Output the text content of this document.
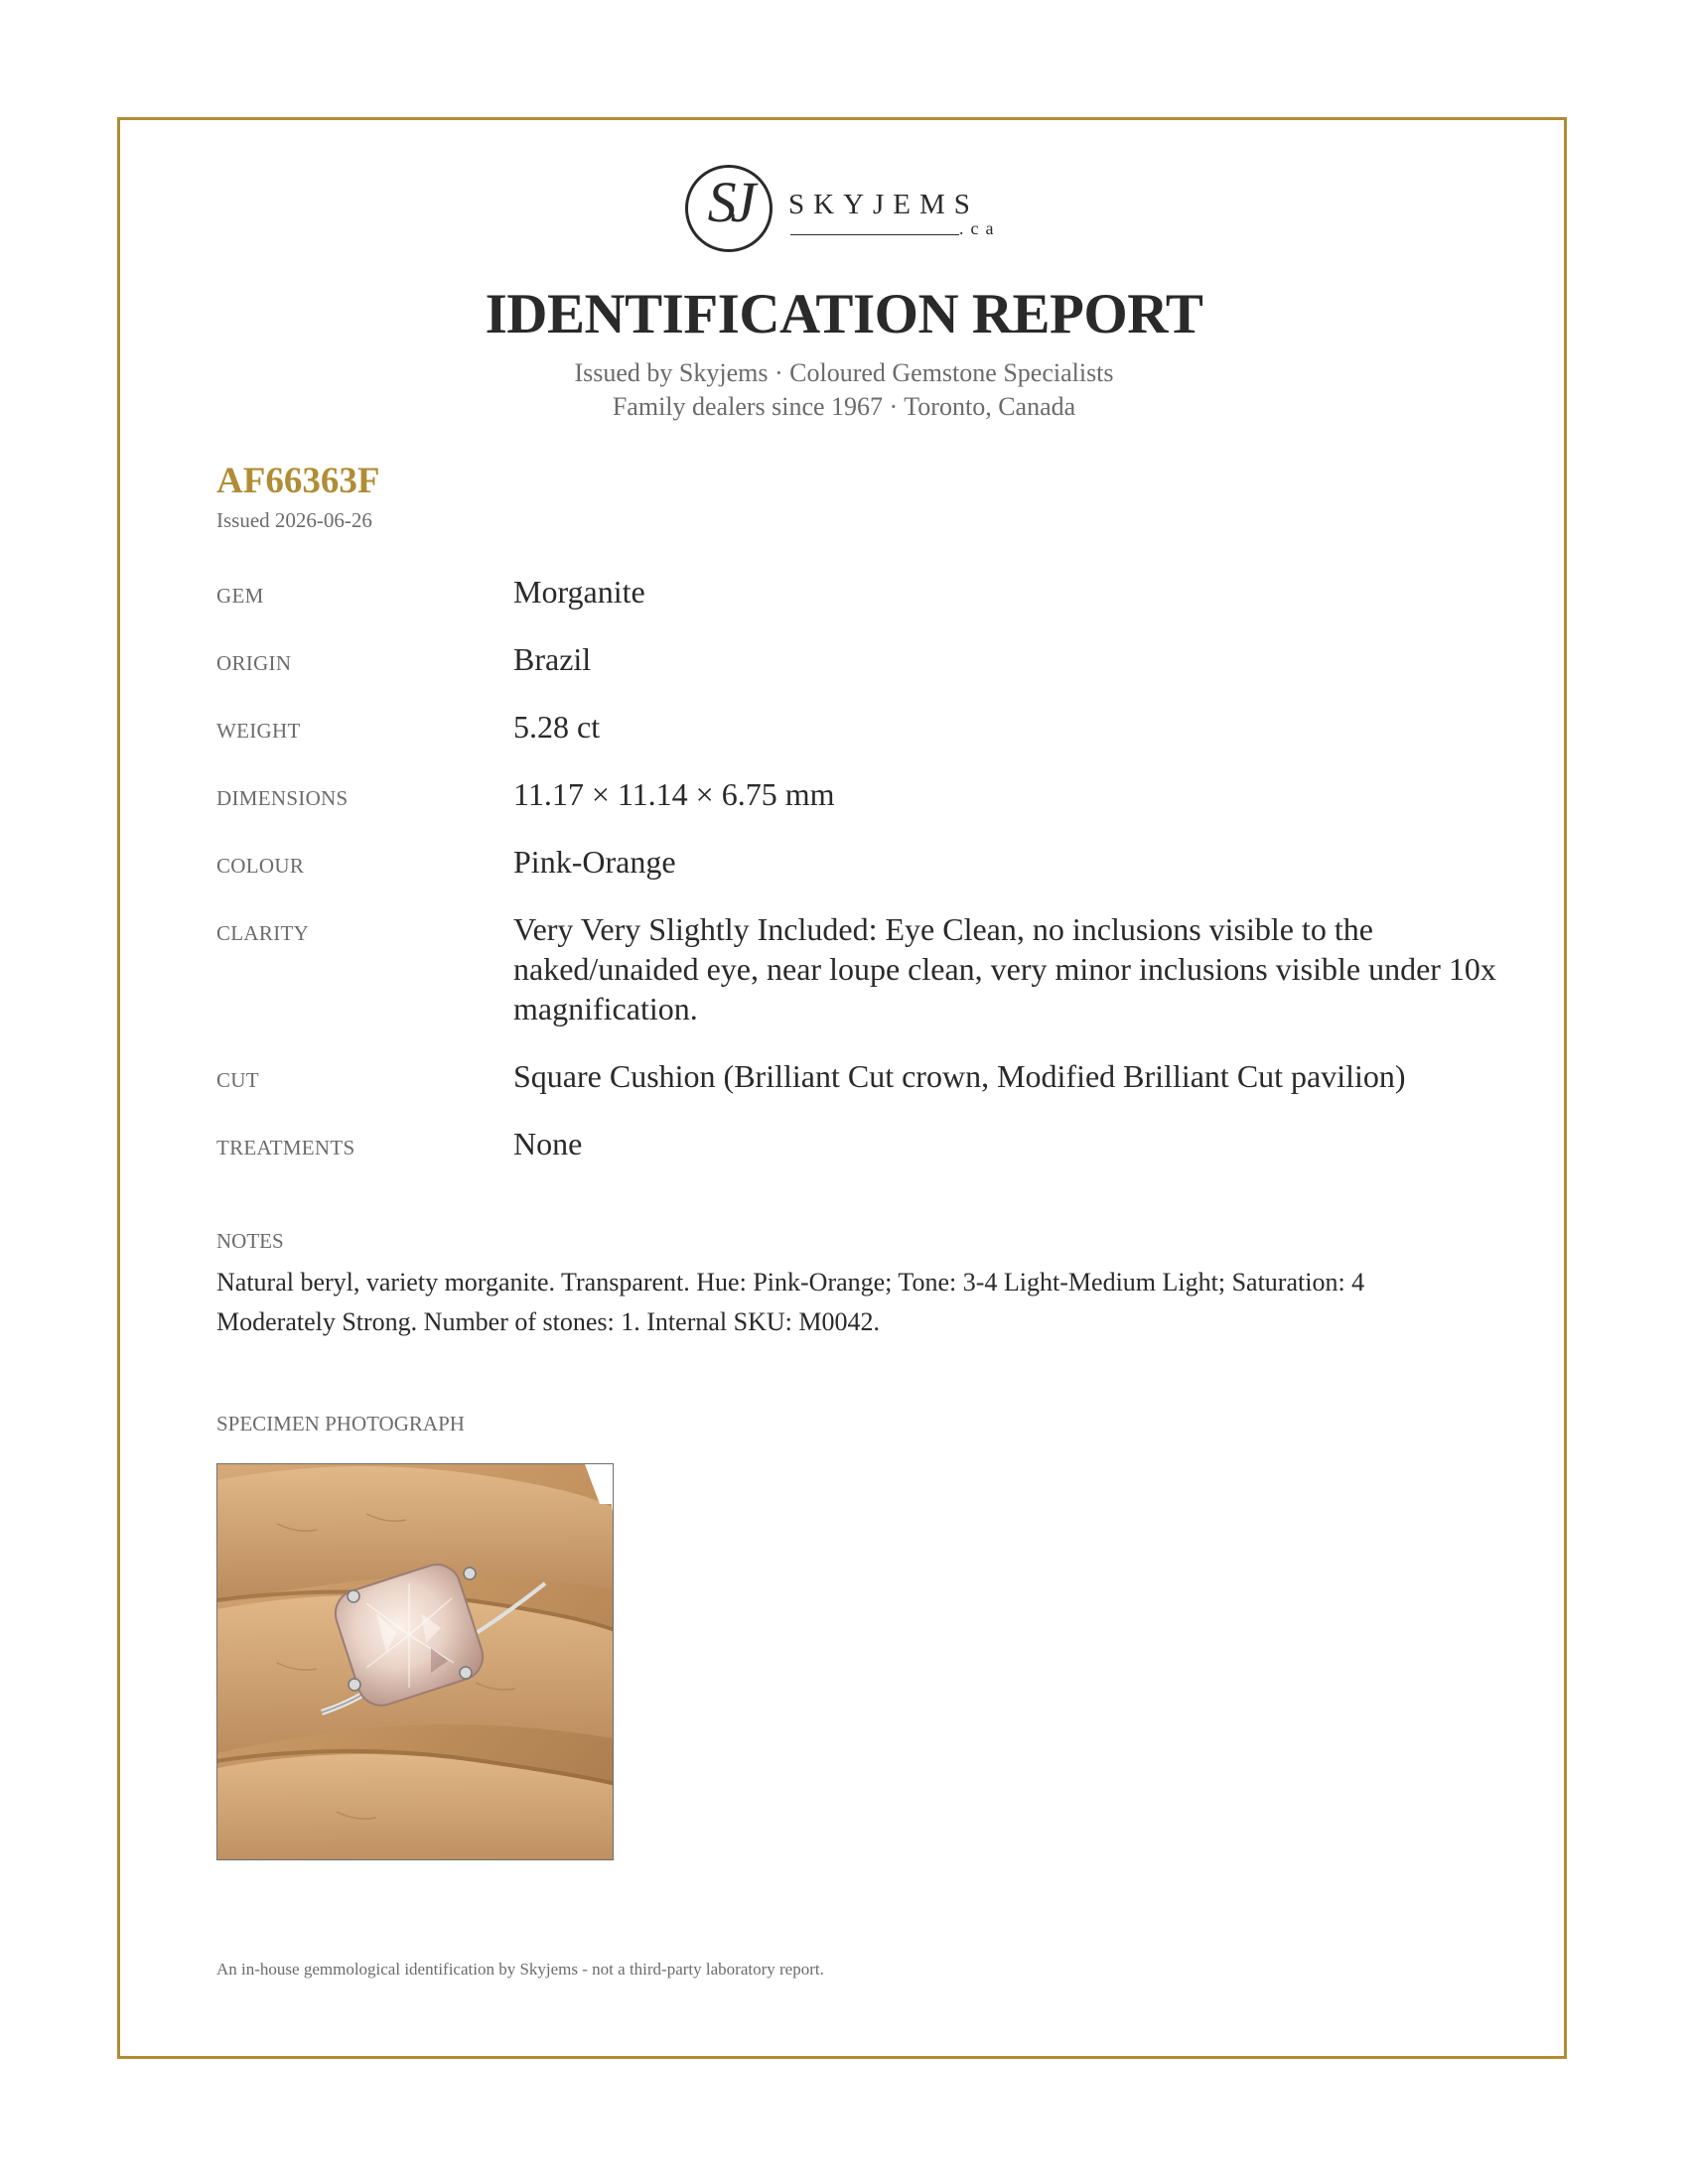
SJ	SKYJEMS
.ca
IDENTIFICATION REPORT
Issued by Skyjems · Coloured Gemstone Specialists
Family dealers since 1967 · Toronto, Canada
AF66363F
Issued 2026-06-26
GEM	Morganite
ORIGIN	Brazil
WEIGHT	5.28 ct
DIMENSIONS	11.17 × 11.14 × 6.75 mm
COLOUR	Pink-Orange
CLARITY	Very Very Slightly Included: Eye Clean, no inclusions visible to the naked/unaided eye, near loupe clean, very minor inclusions visible under 10x magnification.
CUT	Square Cushion (Brilliant Cut crown, Modified Brilliant Cut pavilion)
TREATMENTS	None
NOTES
Natural beryl, variety morganite. Transparent. Hue: Pink-Orange; Tone: 3-4 Light-Medium Light; Saturation: 4 Moderately Strong. Number of stones: 1. Internal SKU: M0042.
SPECIMEN PHOTOGRAPH
An in-house gemmological identification by Skyjems - not a third-party laboratory report.
